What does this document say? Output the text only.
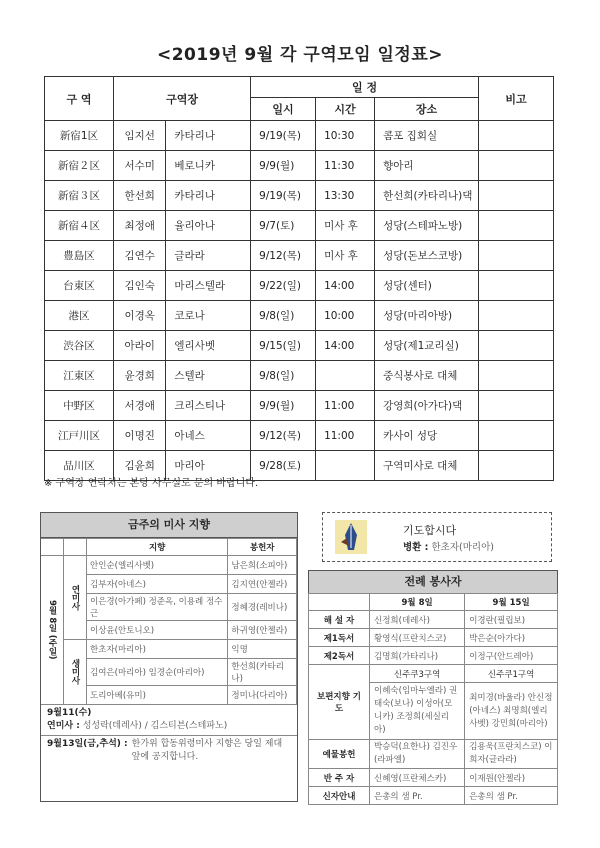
<2019년 9월 각 구역모임 일정표>
구 역	구역장		일 정			비고
			일시	시간	장소	
新宿1区	임지선	카타리나	9/19(목)	10:30	콤포 집회실	
新宿２区	서수미	베로니카	9/9(월)	11:30	향아리	
新宿３区	한선희	카타리나	9/19(목)	13:30	한선희(카타리나)댁	
新宿４区	최정애	율리아나	9/7(토)	미사 후	성당(스테파노방)	
豊島区	김연수	글라라	9/12(목)	미사 후	성당(돈보스코방)	
台東区	김인숙	마리스텔라	9/22(일)	14:00	성당(센터)	
港区	이경옥	코로나	9/8(일)	10:00	성당(마리아방)	
渋谷区	아라이	엘리사벳	9/15(일)	14:00	성당(제1교리실)	
江東区	윤경희	스텔라	9/8(일)		중식봉사로 대체	
中野区	서경애	크리스티나	9/9(월)	11:00	강영희(아가다)댁	
江戸川区	이명진	아네스	9/12(목)	11:00	카사이 성당	
品川区	김윤희	마리아	9/28(토)		구역미사로 대체	
※ 구역장 연락처는 본당 사무실로 문의 바랍니다.
금주의 미사 지향
		지향	봉헌자
9월 8일 (주일)	연미사	안인순(엘리사벳)	남은희(소피아)
		김부자(아네스)	김지연(안젤라)
		이은경(아가페) 정준옥, 이용례 정수근	정혜경(레비나)
		이상윤(안토니오)	하귀영(안젤라)
	생미사	한초자(마리아)	익명
		김여은(마리아) 임경순(마리아)	한선희(카타리나)
		도리아베(유미)	정미나(다리아)
9월11(수)
연미사 : 성성락(데레사) / 김스티븐(스테파노)
9월13일(금,추석) : 한가위 합동위령미사 지향은 당일 제대 앞에 공지합니다.
기도합시다
병환 : 한초자(마리아)
전례 봉사자
	9월 8일	9월 15일
해 설 자	신정희(데레사)	이경란(필립보)
제1독서	황영식(프란치스코)	박은순(아가다)
제2독서	김명희(가타리나)	이정구(안드레아)
보편지향 기 도	신주쿠3구역	신주쿠1구역
	이혜숙(임마누엘라) 권태숙(보나) 이성아(모니카) 조정희(세실리아)	최미경(바울라) 안신정(아네스) 최명희(엘리사벳) 강민희(마리아)
예물봉헌	박승덕(요한나) 김진우(라파엘)	김용욱(프란치스코) 이희자(글라라)
반 주 자	신혜영(프란체스카)	이재원(안젤라)
신자안내	은총의 샘 Pr.	은총의 샘 Pr.
